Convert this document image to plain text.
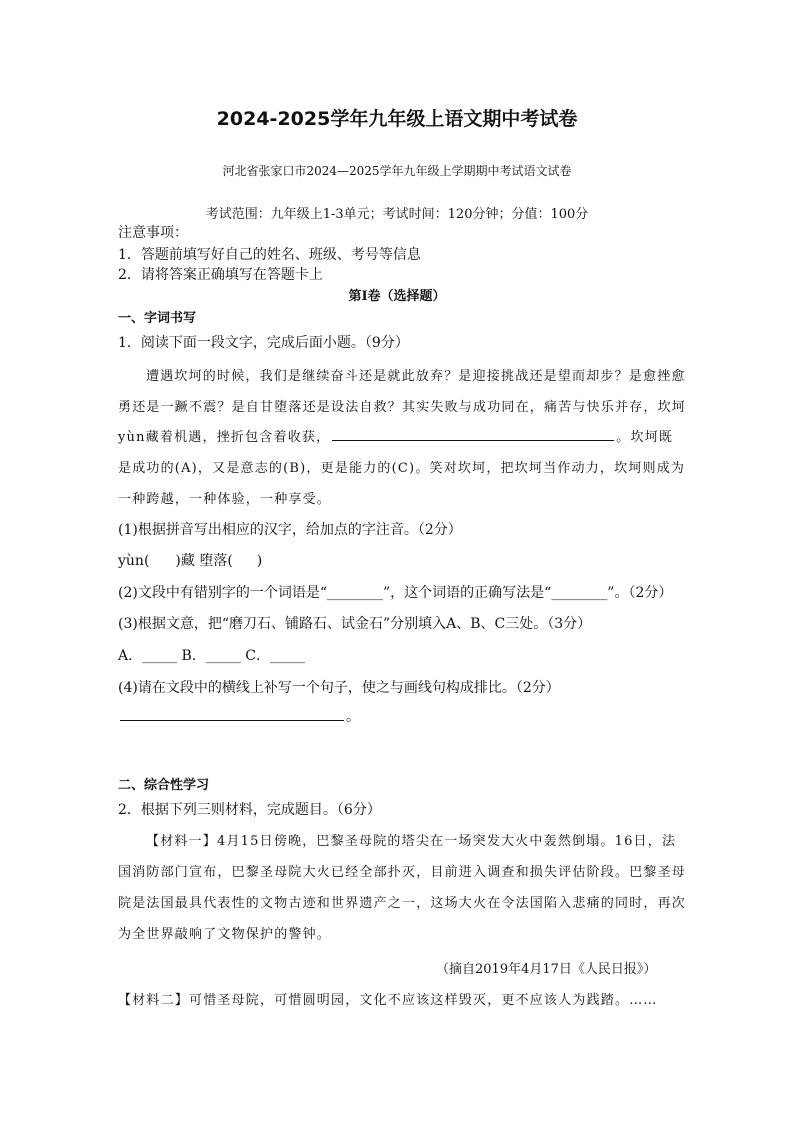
2024-2025学年九年级上语文期中考试卷
河北省张家口市2024—2025学年九年级上学期期中考试语文试卷
考试范围：九年级上1-3单元；考试时间：120分钟；分值：100分
注意事项：
1．答题前填写好自己的姓名、班级、考号等信息
2．请将答案正确填写在答题卡上
第I卷（选择题）
一、字词书写
1．阅读下面一段文字，完成后面小题。（9分）
遭遇坎坷的时候，我们是继续奋斗还是就此放弃？是迎接挑战还是望而却步？是愈挫愈
勇还是一蹶不震？是自甘堕落还是设法自救？其实失败与成功同在，痛苦与快乐并存，坎坷
yùn藏着机遇，挫折包含着收获，	。坎坷既
是成功的(A)，又是意志的(B)，更是能力的(C)。笑对坎坷，把坎坷当作动力，坎坷则成为
一种跨越，一种体验，一种享受。
(1)根据拼音写出相应的汉字，给加点的字注音。（2分）
yùn( )藏 堕落( )
(2)文段中有错别字的一个词语是“________”，这个词语的正确写法是“________”。（2分）
(3)根据文意，把“磨刀石、铺路石、试金石”分别填入A、B、C三处。（3分）
A．_____ B．_____ C．_____
(4)请在文段中的横线上补写一个句子，使之与画线句构成排比。（2分）
。
二、综合性学习
2．根据下列三则材料，完成题目。（6分）
【材料一】4月15日傍晚，巴黎圣母院的塔尖在一场突发大火中轰然倒塌。16日，法
国消防部门宣布，巴黎圣母院大火已经全部扑灭，目前进入调查和损失评估阶段。巴黎圣母
院是法国最具代表性的文物古迹和世界遗产之一，这场大火在令法国陷入悲痛的同时，再次
为全世界敲响了文物保护的警钟。
（摘自2019年4月17日《人民日报》）
【材料二】可惜圣母院，可惜圆明园，文化不应该这样毁灭，更不应该人为践踏。……
